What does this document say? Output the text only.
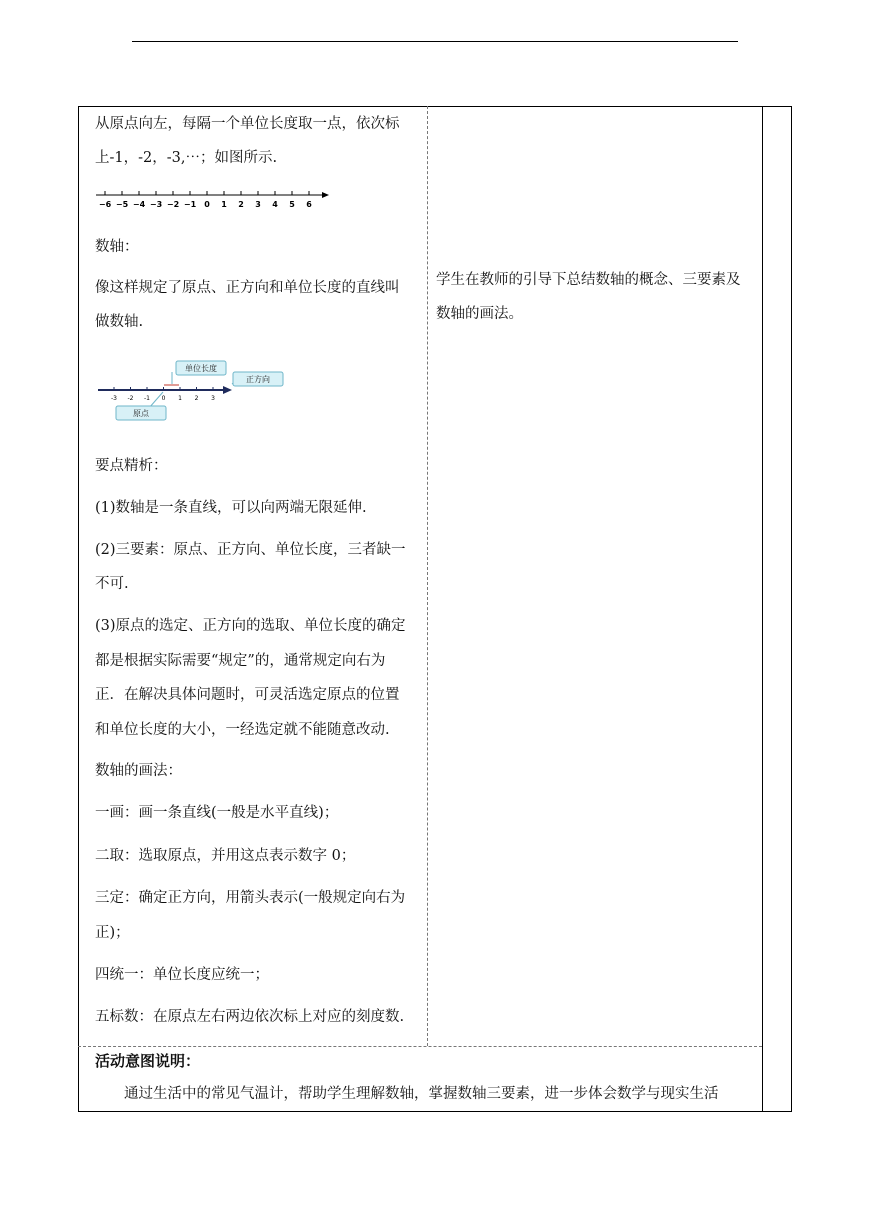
从原点向左，每隔一个单位长度取一点，依次标

上-1，-2，-3,⋯；如图所示.

−6 −5 −4 −3 −2 −1 0 1 2 3 4 5 6

数轴：

像这样规定了原点、正方向和单位长度的直线叫

做数轴.

-3 -2 -1 0 1 2 3
单位长度
正方向
原点

要点精析：

(1)数轴是一条直线，可以向两端无限延伸.

(2)三要素：原点、正方向、单位长度，三者缺一

不可.

(3)原点的选定、正方向的选取、单位长度的确定

都是根据实际需要“规定”的，通常规定向右为

正．在解决具体问题时，可灵活选定原点的位置

和单位长度的大小，一经选定就不能随意改动.

数轴的画法：

一画：画一条直线(一般是水平直线)；

二取：选取原点，并用这点表示数字 0；

三定：确定正方向，用箭头表示(一般规定向右为

正)；

四统一：单位长度应统一；

五标数：在原点左右两边依次标上对应的刻度数.

学生在教师的引导下总结数轴的概念、三要素及

数轴的画法。

活动意图说明：

通过生活中的常见气温计，帮助学生理解数轴，掌握数轴三要素，进一步体会数学与现实生活
